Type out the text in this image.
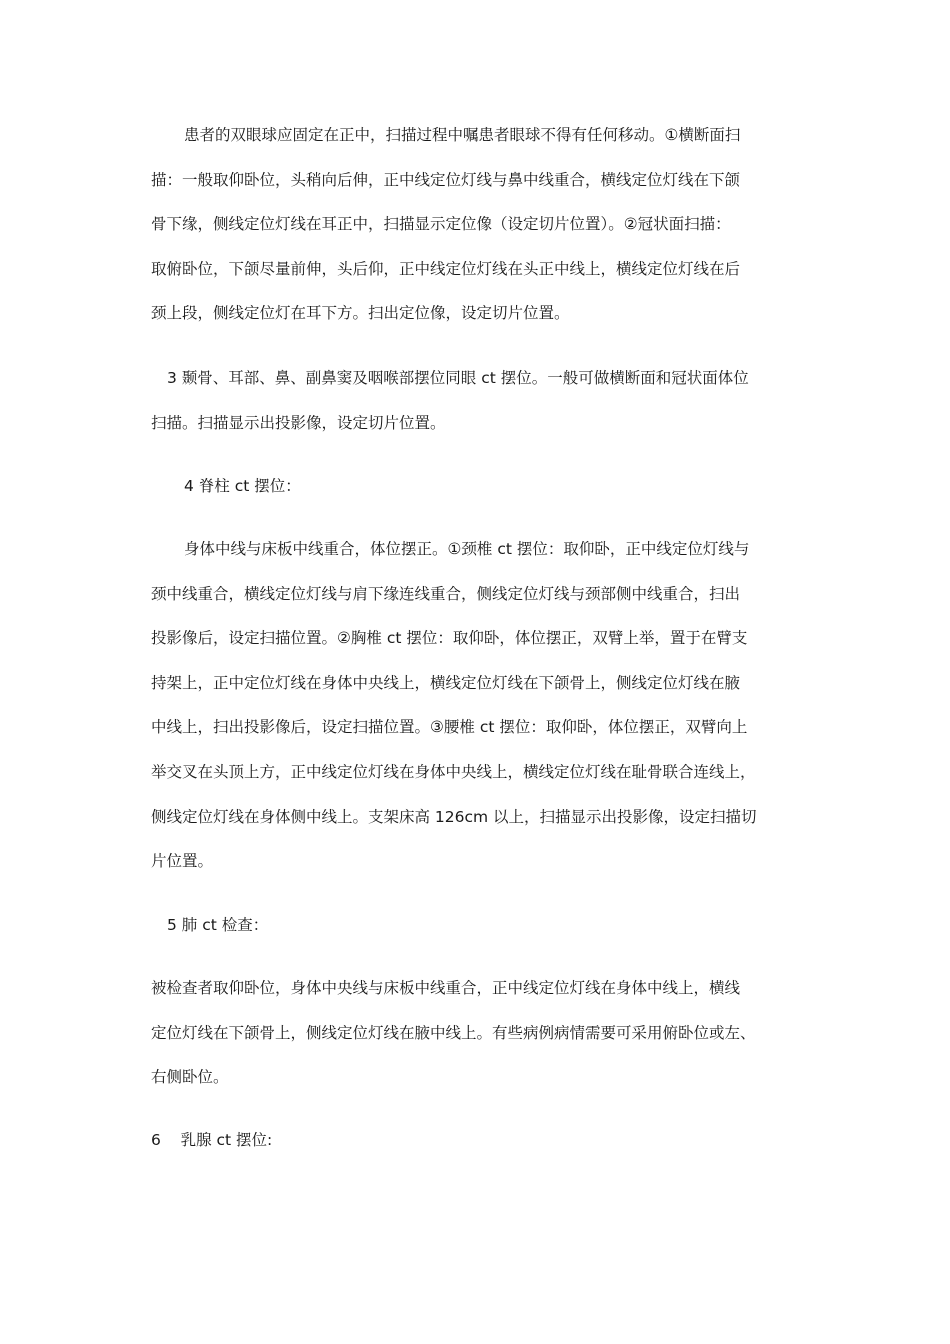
患者的双眼球应固定在正中，扫描过程中嘱患者眼球不得有任何移动。①横断面扫
描：一般取仰卧位，头稍向后伸，正中线定位灯线与鼻中线重合，横线定位灯线在下颌
骨下缘，侧线定位灯线在耳正中，扫描显示定位像（设定切片位置）。②冠状面扫描：
取俯卧位，下颌尽量前伸，头后仰，正中线定位灯线在头正中线上，横线定位灯线在后
颈上段，侧线定位灯在耳下方。扫出定位像，设定切片位置。
3 颞骨、耳部、鼻、副鼻窦及咽喉部摆位同眼 ct 摆位。一般可做横断面和冠状面体位
扫描。扫描显示出投影像，设定切片位置。
4 脊柱 ct 摆位：
身体中线与床板中线重合，体位摆正。①颈椎 ct 摆位：取仰卧，正中线定位灯线与
颈中线重合，横线定位灯线与肩下缘连线重合，侧线定位灯线与颈部侧中线重合，扫出
投影像后，设定扫描位置。②胸椎 ct 摆位：取仰卧，体位摆正，双臂上举，置于在臂支
持架上，正中定位灯线在身体中央线上，横线定位灯线在下颌骨上，侧线定位灯线在腋
中线上，扫出投影像后，设定扫描位置。③腰椎 ct 摆位：取仰卧，体位摆正，双臂向上
举交叉在头顶上方，正中线定位灯线在身体中央线上，横线定位灯线在耻骨联合连线上，
侧线定位灯线在身体侧中线上。支架床高 126cm 以上，扫描显示出投影像，设定扫描切
片位置。
5 肺 ct 检查：
被检查者取仰卧位，身体中央线与床板中线重合，正中线定位灯线在身体中线上，横线
定位灯线在下颌骨上，侧线定位灯线在腋中线上。有些病例病情需要可采用俯卧位或左、
右侧卧位。
6    乳腺 ct 摆位:
